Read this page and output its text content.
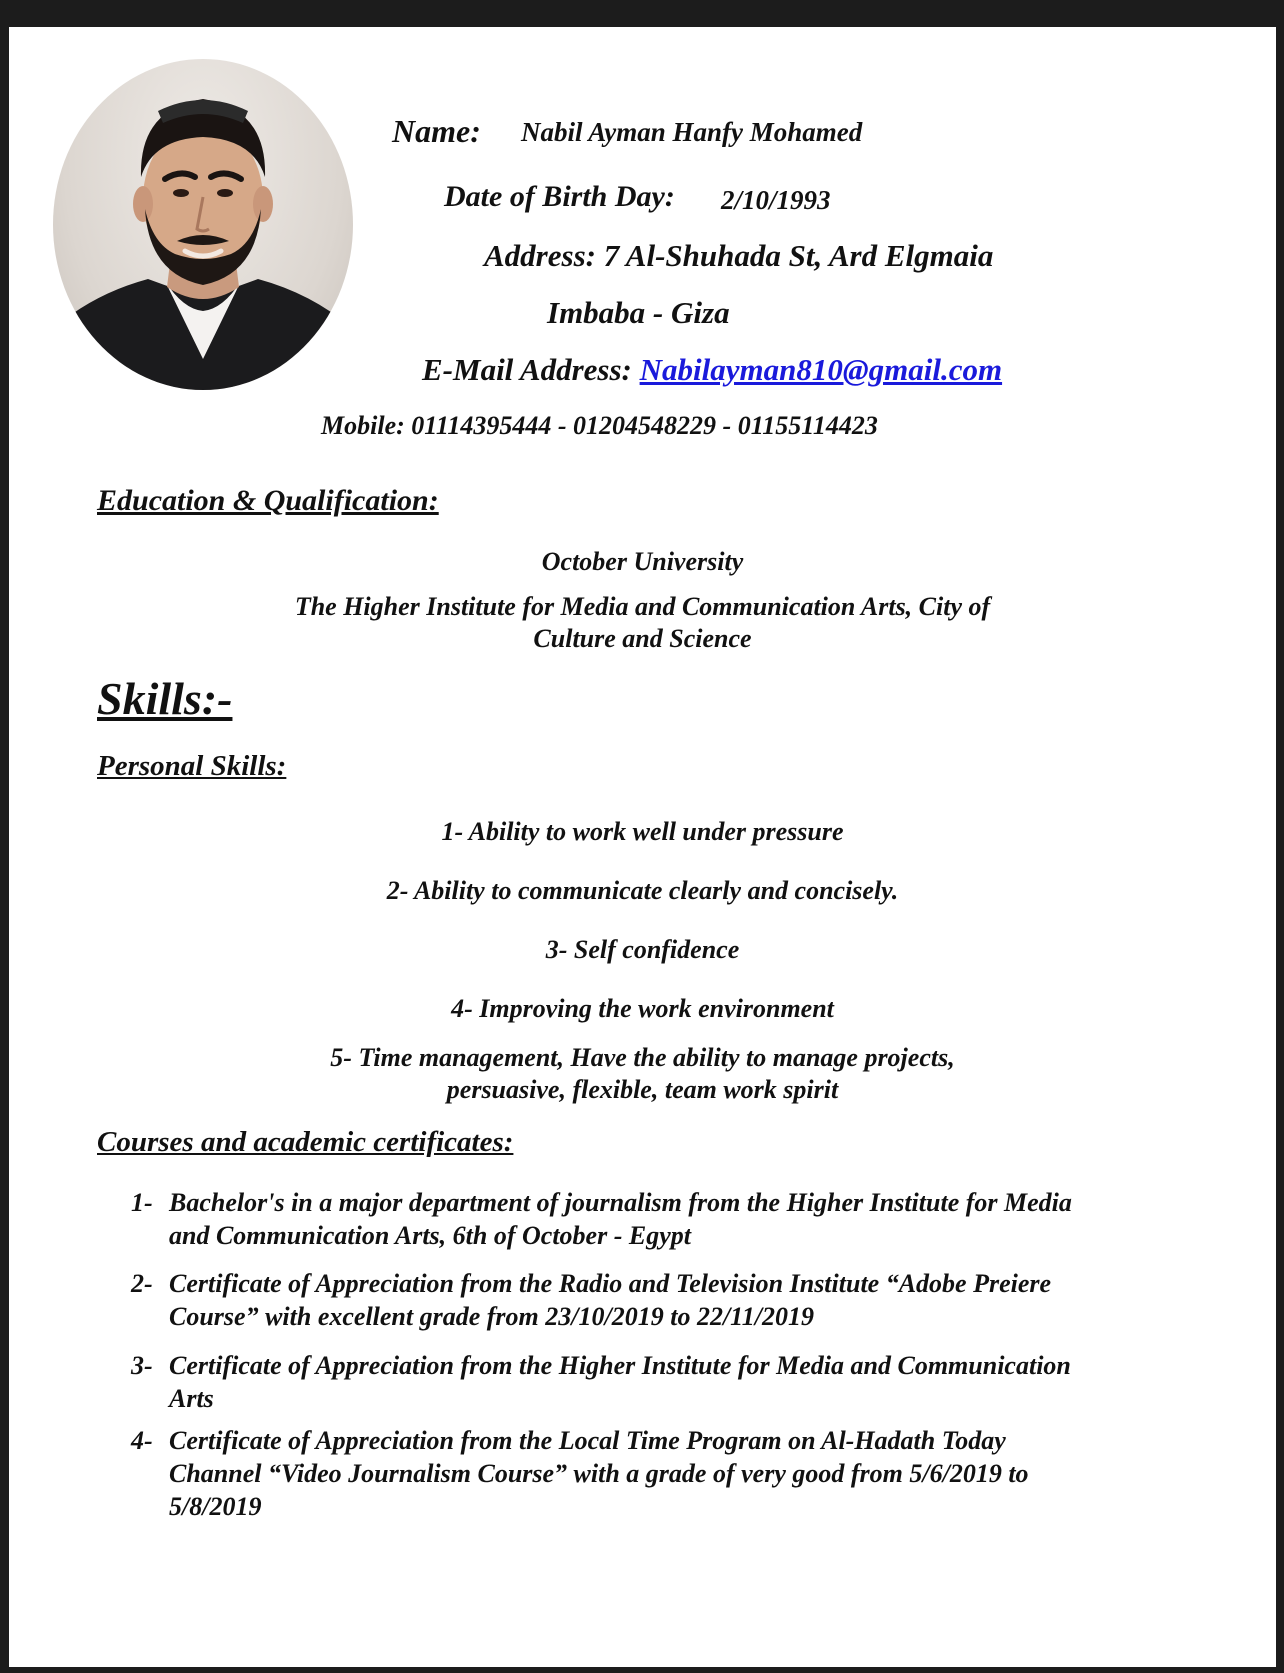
Name: Nabil Ayman Hanfy Mohamed
Date of Birth Day: 2/10/1993
Address: 7 Al-Shuhada St, Ard Elgmaia
Imbaba - Giza
E-Mail Address: Nabilayman810@gmail.com
Mobile: 01114395444 - 01204548229 - 01155114423
Education & Qualification:
October University
The Higher Institute for Media and Communication Arts, City of
Culture and Science
Skills:-
Personal Skills:
1- Ability to work well under pressure
2- Ability to communicate clearly and concisely.
3- Self confidence
4- Improving the work environment
5- Time management, Have the ability to manage projects,
persuasive, flexible, team work spirit
Courses and academic certificates:
1- Bachelor's in a major department of journalism from the Higher Institute for Media
and Communication Arts, 6th of October - Egypt
2- Certificate of Appreciation from the Radio and Television Institute “Adobe Preiere
Course” with excellent grade from 23/10/2019 to 22/11/2019
3- Certificate of Appreciation from the Higher Institute for Media and Communication
Arts
4- Certificate of Appreciation from the Local Time Program on Al-Hadath Today
Channel “Video Journalism Course” with a grade of very good from 5/6/2019 to
5/8/2019
